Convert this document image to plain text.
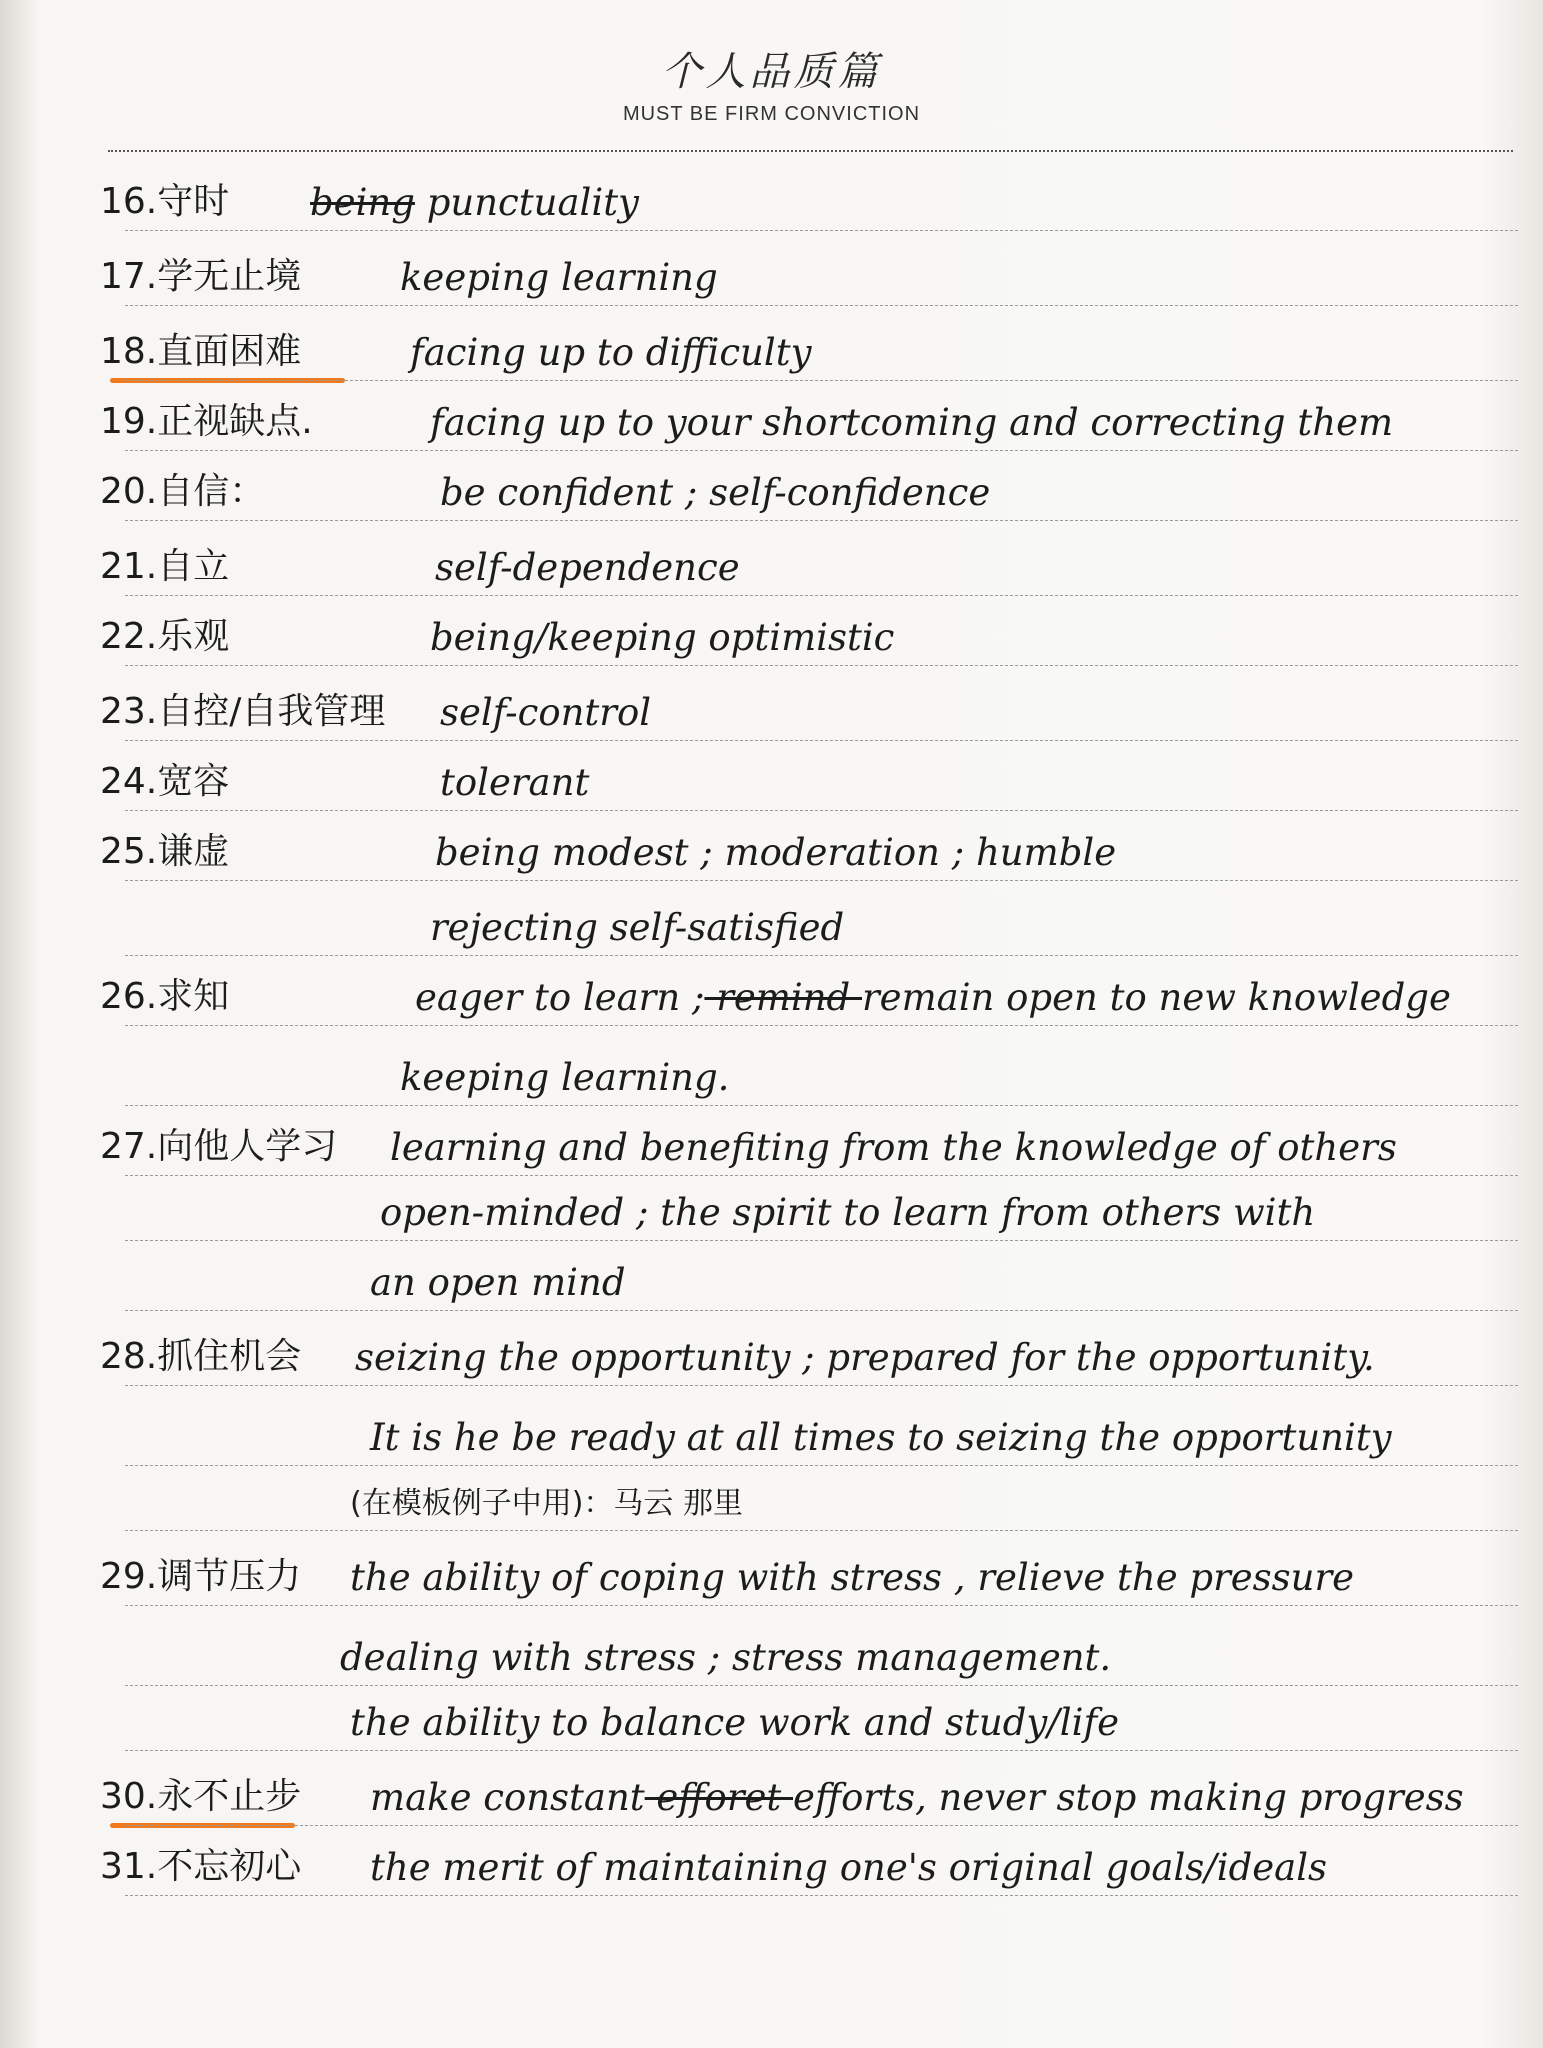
个人品质篇
MUST BE FIRM CONVICTION
16.守时 being punctuality
17.学无止境	keeping learning
18.直面困难	facing up to difficulty
19.正视缺点.	facing up to your shortcoming and correcting them
20.自信：	be confident ; self-confidence
21.自立	self-dependence
22.乐观	being/keeping optimistic
23.自控/自我管理 self-control
24.宽容	tolerant
25.谦虚	being modest ; moderation ; humble
rejecting self-satisfied
26.求知	eager to learn ; remind remain open to new knowledge
keeping learning.
27.向他人学习 learning and benefiting from the knowledge of others
open-minded ; the spirit to learn from others with
an open mind
28.抓住机会 seizing the opportunity ; prepared for the opportunity.
It is he be ready at all times to seizing the opportunity
(在模板例子中用)：马云 那里
29.调节压力 the ability of coping with stress , relieve the pressure
dealing with stress ; stress management.
the ability to balance work and study/life
30.永不止步 make constant efforet efforts, never stop making progress
31.不忘初心 the merit of maintaining one's original goals/ideals
